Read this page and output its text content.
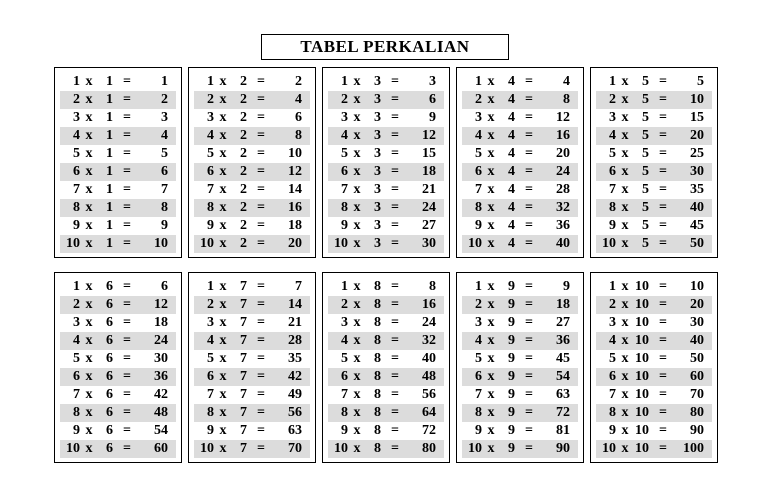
TABEL PERKALIAN
1 x 1 =	1
2 x 1 =	2
3 x 1 =	3
4 x 1 =	4
5 x 1 =	5
6 x 1 =	6
7 x 1 =	7
8 x 1 =	8
9 x 1 =	9
10 x 1 =	10
1 x 2 =	2
2 x 2 =	4
3 x 2 =	6
4 x 2 =	8
5 x 2 =	10
6 x 2 =	12
7 x 2 =	14
8 x 2 =	16
9 x 2 =	18
10 x 2 =	20
1 x 3 =	3
2 x 3 =	6
3 x 3 =	9
4 x 3 =	12
5 x 3 =	15
6 x 3 =	18
7 x 3 =	21
8 x 3 =	24
9 x 3 =	27
10 x 3 =	30
1 x 4 =	4
2 x 4 =	8
3 x 4 =	12
4 x 4 =	16
5 x 4 =	20
6 x 4 =	24
7 x 4 =	28
8 x 4 =	32
9 x 4 =	36
10 x 4 =	40
1 x 5 =	5
2 x 5 =	10
3 x 5 =	15
4 x 5 =	20
5 x 5 =	25
6 x 5 =	30
7 x 5 =	35
8 x 5 =	40
9 x 5 =	45
10 x 5 =	50
1 x 6 =	6
2 x 6 =	12
3 x 6 =	18
4 x 6 =	24
5 x 6 =	30
6 x 6 =	36
7 x 6 =	42
8 x 6 =	48
9 x 6 =	54
10 x 6 =	60
1 x 7 =	7
2 x 7 =	14
3 x 7 =	21
4 x 7 =	28
5 x 7 =	35
6 x 7 =	42
7 x 7 =	49
8 x 7 =	56
9 x 7 =	63
10 x 7 =	70
1 x 8 =	8
2 x 8 =	16
3 x 8 =	24
4 x 8 =	32
5 x 8 =	40
6 x 8 =	48
7 x 8 =	56
8 x 8 =	64
9 x 8 =	72
10 x 8 =	80
1 x 9 =	9
2 x 9 =	18
3 x 9 =	27
4 x 9 =	36
5 x 9 =	45
6 x 9 =	54
7 x 9 =	63
8 x 9 =	72
9 x 9 =	81
10 x 9 =	90
1 x 10 =	10
2 x 10 =	20
3 x 10 =	30
4 x 10 =	40
5 x 10 =	50
6 x 10 =	60
7 x 10 =	70
8 x 10 =	80
9 x 10 =	90
10 x 10 =	100
